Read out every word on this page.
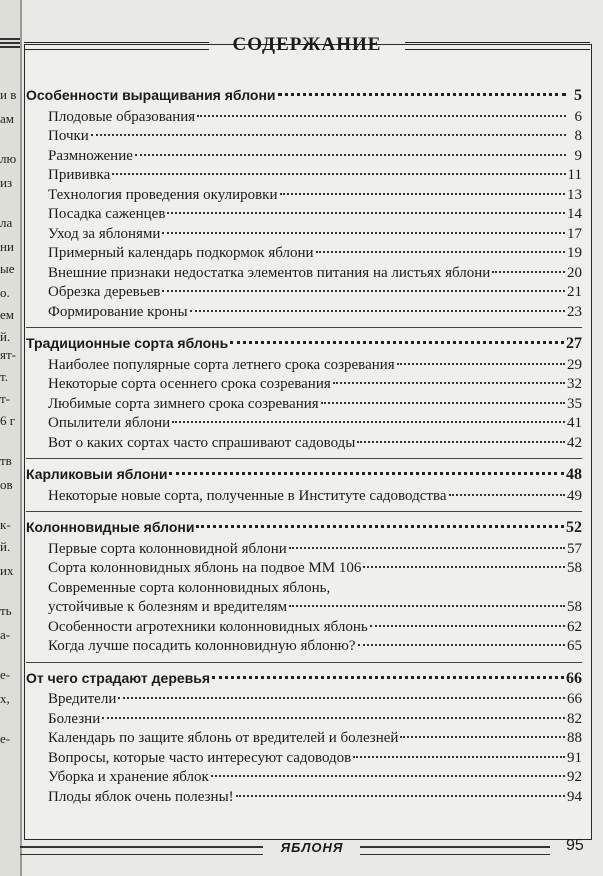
и в
ам
лю
из
ла
ни
ые
о.
ем
й.
ят-
т.
т-
6 г
тв
ов
к-
й.
их
ть
а-
е-
х,
е-
СОДЕРЖАНИЕ
Особенности выращивания яблони	5
Плодовые образования	6
Почки	8
Размножение	9
Прививка	11
Технология проведения окулировки	13
Посадка саженцев	14
Уход за яблонями	17
Примерный календарь подкормок яблони	19
Внешние признаки недостатка элементов питания на листьях яблони	20
Обрезка деревьев	21
Формирование кроны	23
Традиционные сорта яблонь	27
Наиболее популярные сорта летнего срока созревания	29
Некоторые сорта осеннего срока созревания	32
Любимые сорта зимнего срока созревания	35
Опылители яблони	41
Вот о каких сортах часто спрашивают садоводы	42
Карликовыи яблони	48
Некоторые новые сорта, полученные в Институте садоводства	49
Колонновидные яблони	52
Первые сорта колонновидной яблони	57
Сорта колонновидных яблонь на подвое ММ 106	58
Современные сорта колонновидных яблонь,
устойчивые к болезням и вредителям	58
Особенности агротехники колонновидных яблонь	62
Когда лучше посадить колонновидную яблоню?	65
От чего страдают деревья	66
Вредители	66
Болезни	82
Календарь по защите яблонь от вредителей и болезней	88
Вопросы, которые часто интересуют садоводов	91
Уборка и хранение яблок	92
Плоды яблок очень полезны!	94
ЯБЛОНЯ	95
